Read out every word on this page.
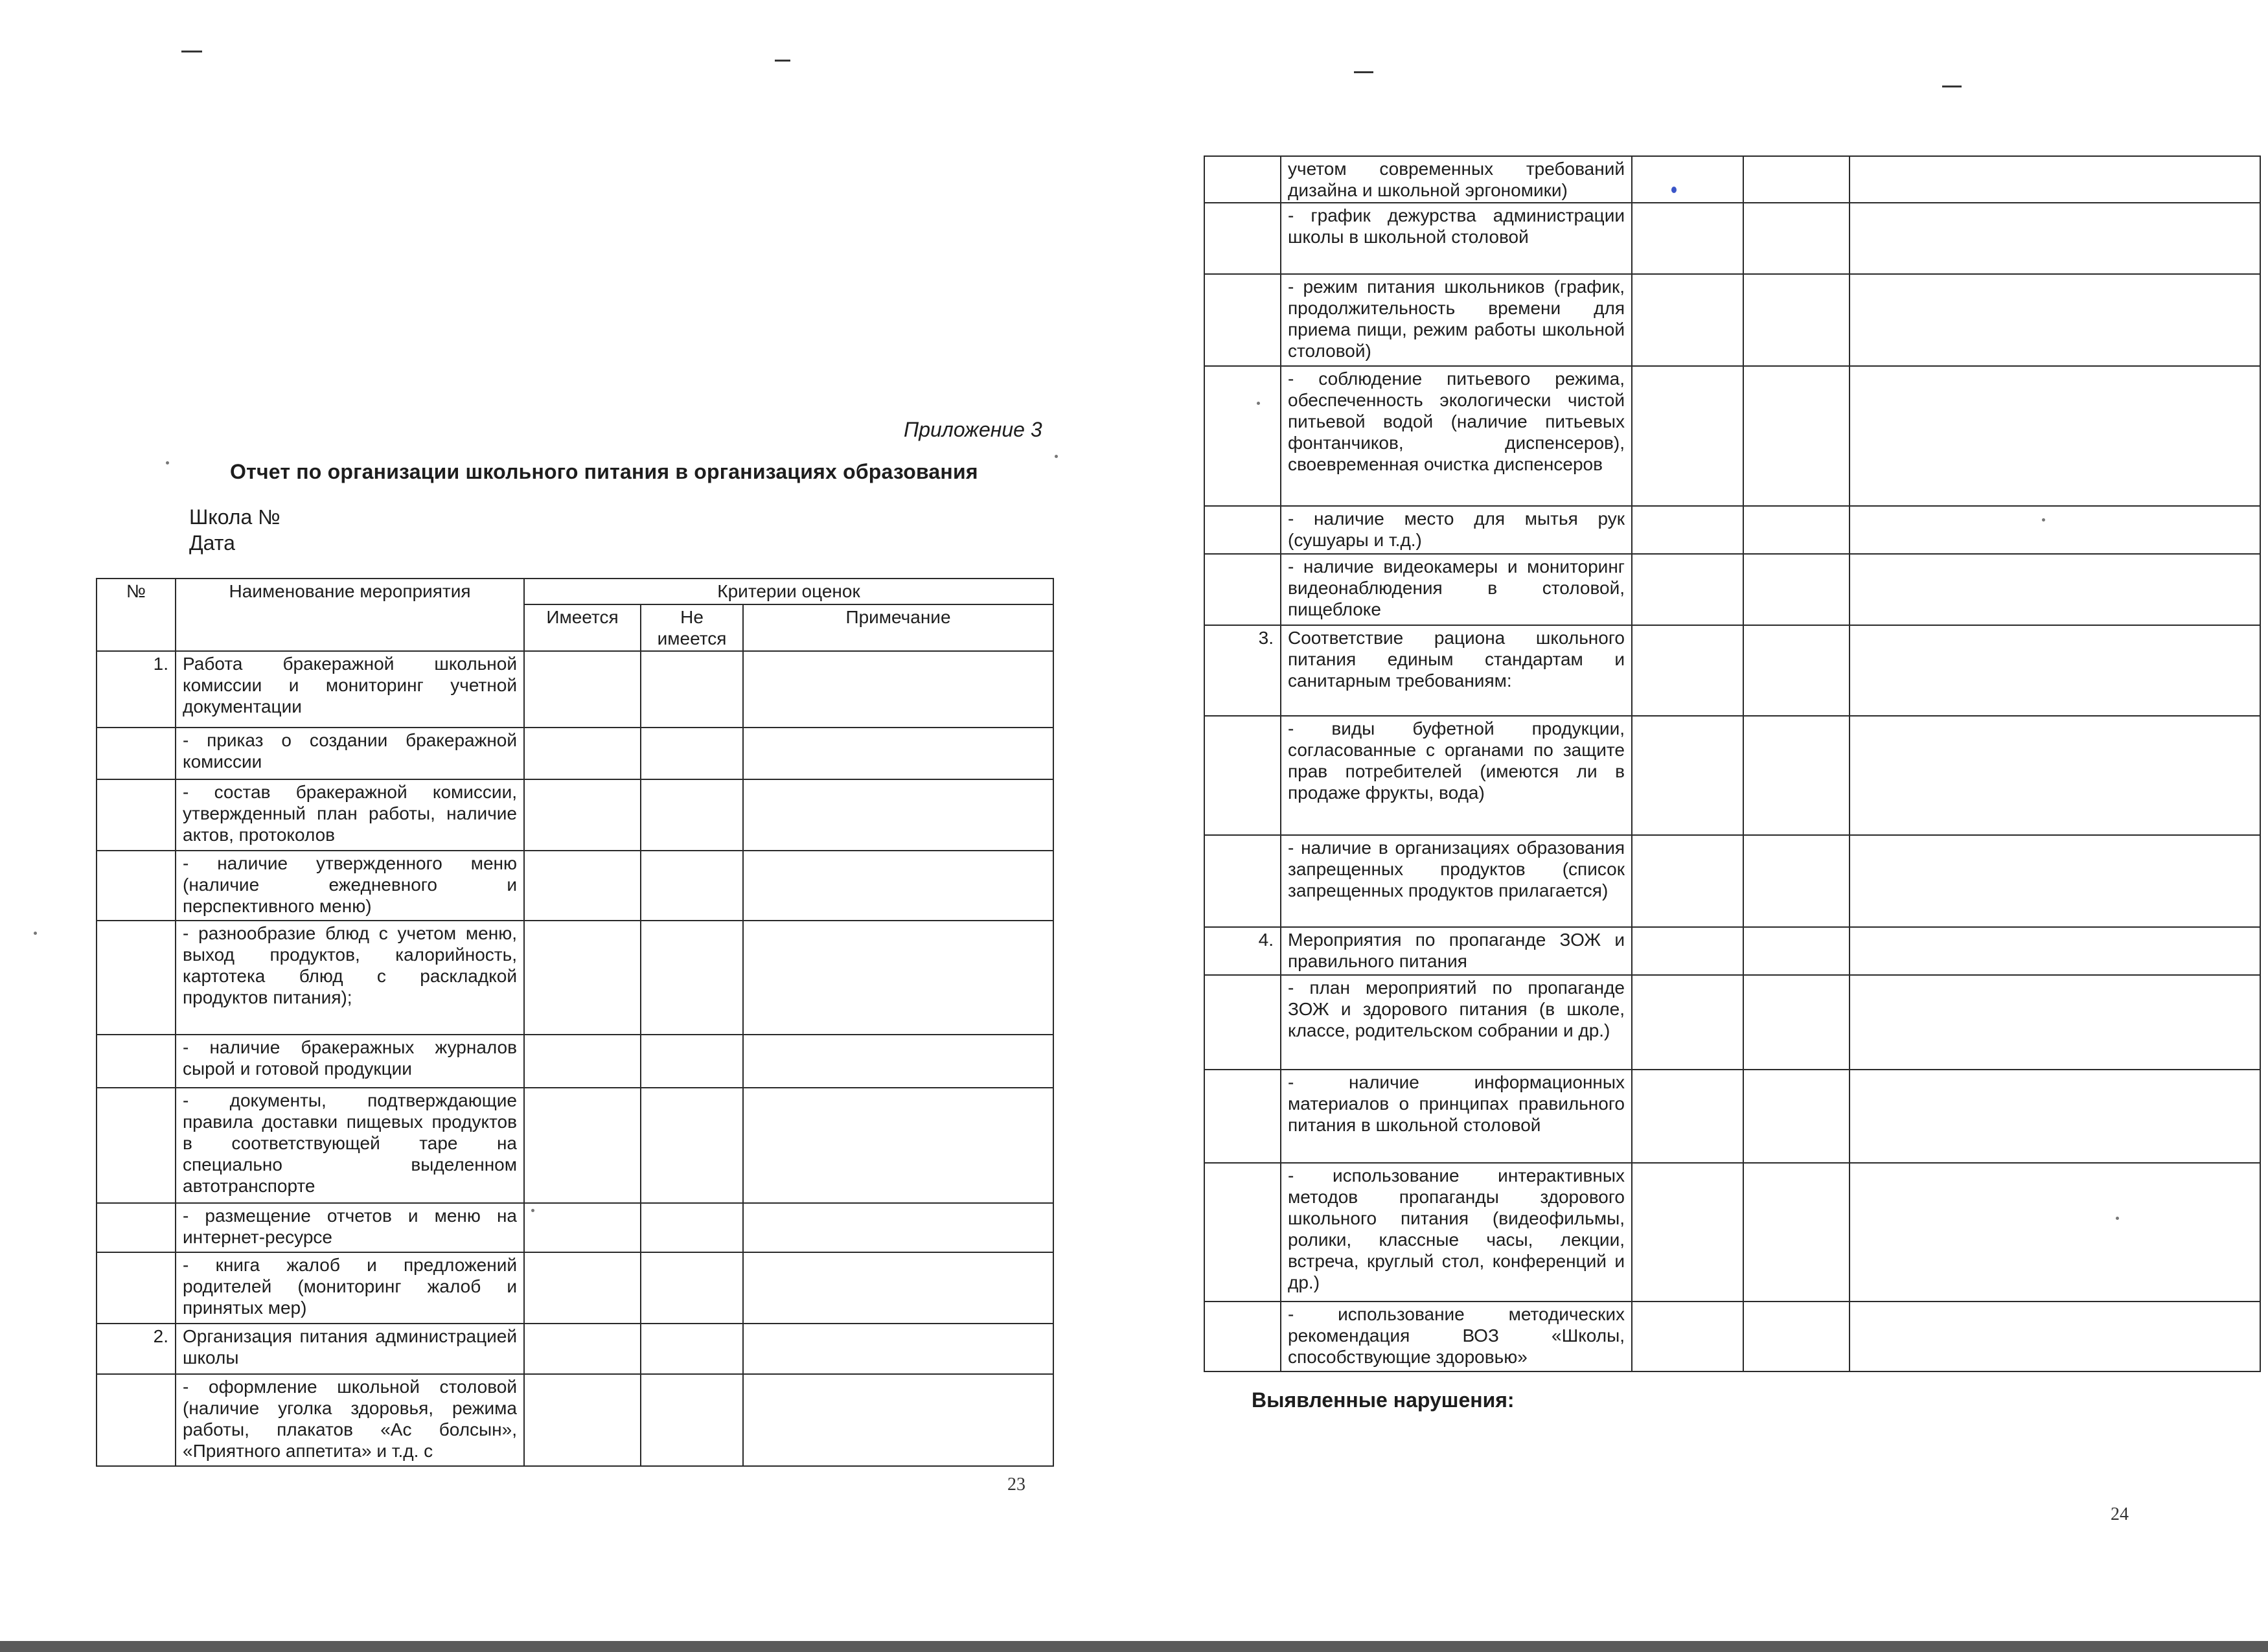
Приложение 3
Отчет по организации школьного питания в организациях образования
Школа №
Дата
№	Наименование мероприятия	Критерии оценок		
		Имеется	Не имеется	Примечание

1.	Работа бракеражной школьной комиссии и мониторинг учетной документации			
	- приказ о создании бракеражной комиссии			
	- состав бракеражной комиссии, утвержденный план работы, наличие актов, протоколов			
	- наличие утвержденного меню (наличие ежедневного и перспективного меню)			
	- разнообразие блюд с учетом меню, выход продуктов, калорийность, картотека блюд с раскладкой продуктов питания);			
	- наличие бракеражных журналов сырой и готовой продукции			
	- документы, подтверждающие правила доставки пищевых продуктов в соответствующей таре на специально выделенном автотранспорте			
	- размещение отчетов и меню на интернет-ресурсе			
	- книга жалоб и предложений родителей (мониторинг жалоб и принятых мер)			
2.	Организация питания администрацией школы			
	- оформление школьной столовой (наличие уголка здоровья, режима работы, плакатов «Ас болсын», «Приятного аппетита» и т.д. с			
23
	учетом современных требований дизайна и школьной эргономики)			
	- график дежурства администрации школы в школьной столовой			
	- режим питания школьников (график, продолжительность времени для приема пищи, режим работы школьной столовой)			
	- соблюдение питьевого режима, обеспеченность экологически чистой питьевой водой (наличие питьевых фонтанчиков, диспенсеров), своевременная очистка диспенсеров			
	- наличие место для мытья рук (сушуары и т.д.)			
	- наличие видеокамеры и мониторинг видеонаблюдения в столовой, пищеблоке			
3.	Соответствие рациона школьного питания единым стандартам и санитарным требованиям:			
	- виды буфетной продукции, согласованные с органами по защите прав потребителей (имеются ли в продаже фрукты, вода)			
	- наличие в организациях образования запрещенных продуктов (список запрещенных продуктов прилагается)			
4.	Мероприятия по пропаганде ЗОЖ и правильного питания			
	- план мероприятий по пропаганде ЗОЖ и здорового питания (в школе, классе, родительском собрании и др.)			
	- наличие информационных материалов о принципах правильного питания в школьной столовой			
	- использование интерактивных методов пропаганды здорового школьного питания (видеофильмы, ролики, классные часы, лекции, встреча, круглый стол, конференций и др.)			
	- использование методических рекомендация ВОЗ «Школы, способствующие здоровью»			
Выявленные нарушения:
24
